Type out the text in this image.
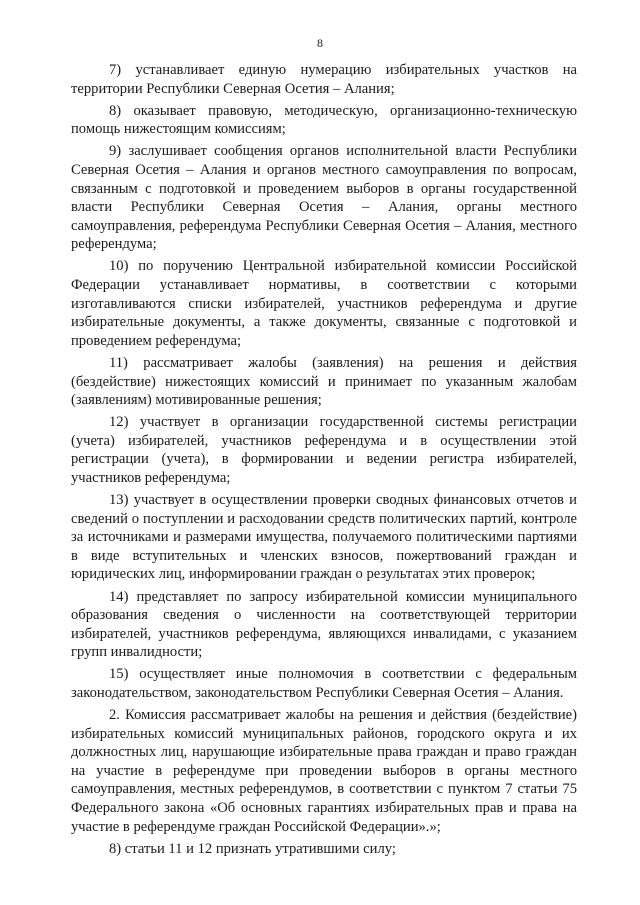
8

7) устанавливает единую нумерацию избирательных участков на территории Республики Северная Осетия – Алания;

8) оказывает правовую, методическую, организационно-техническую помощь нижестоящим комиссиям;

9) заслушивает сообщения органов исполнительной власти Республики Северная Осетия – Алания и органов местного самоуправления по вопросам, связанным с подготовкой и проведением выборов в органы государственной власти Республики Северная Осетия – Алания, органы местного самоуправления, референдума Республики Северная Осетия – Алания, местного референдума;

10) по поручению Центральной избирательной комиссии Российской Федерации устанавливает нормативы, в соответствии с которыми изготавливаются списки избирателей, участников референдума и другие избирательные документы, а также документы, связанные с подготовкой и проведением референдума;

11) рассматривает жалобы (заявления) на решения и действия (бездействие) нижестоящих комиссий и принимает по указанным жалобам (заявлениям) мотивированные решения;

12) участвует в организации государственной системы регистрации (учета) избирателей, участников референдума и в осуществлении этой регистрации (учета), в формировании и ведении регистра избирателей, участников референдума;

13) участвует в осуществлении проверки сводных финансовых отчетов и сведений о поступлении и расходовании средств политических партий, контроле за источниками и размерами имущества, получаемого политическими партиями в виде вступительных и членских взносов, пожертвований граждан и юридических лиц, информировании граждан о результатах этих проверок;

14) представляет по запросу избирательной комиссии муниципального образования сведения о численности на соответствующей территории избирателей, участников референдума, являющихся инвалидами, с указанием групп инвалидности;

15) осуществляет иные полномочия в соответствии с федеральным законодательством, законодательством Республики Северная Осетия – Алания.

2. Комиссия рассматривает жалобы на решения и действия (бездействие) избирательных комиссий муниципальных районов, городского округа и их должностных лиц, нарушающие избирательные права граждан и право граждан на участие в референдуме при проведении выборов в органы местного самоуправления, местных референдумов, в соответствии с пунктом 7 статьи 75 Федерального закона «Об основных гарантиях избирательных прав и права на участие в референдуме граждан Российской Федерации».»;

8) статьи 11 и 12 признать утратившими силу;
